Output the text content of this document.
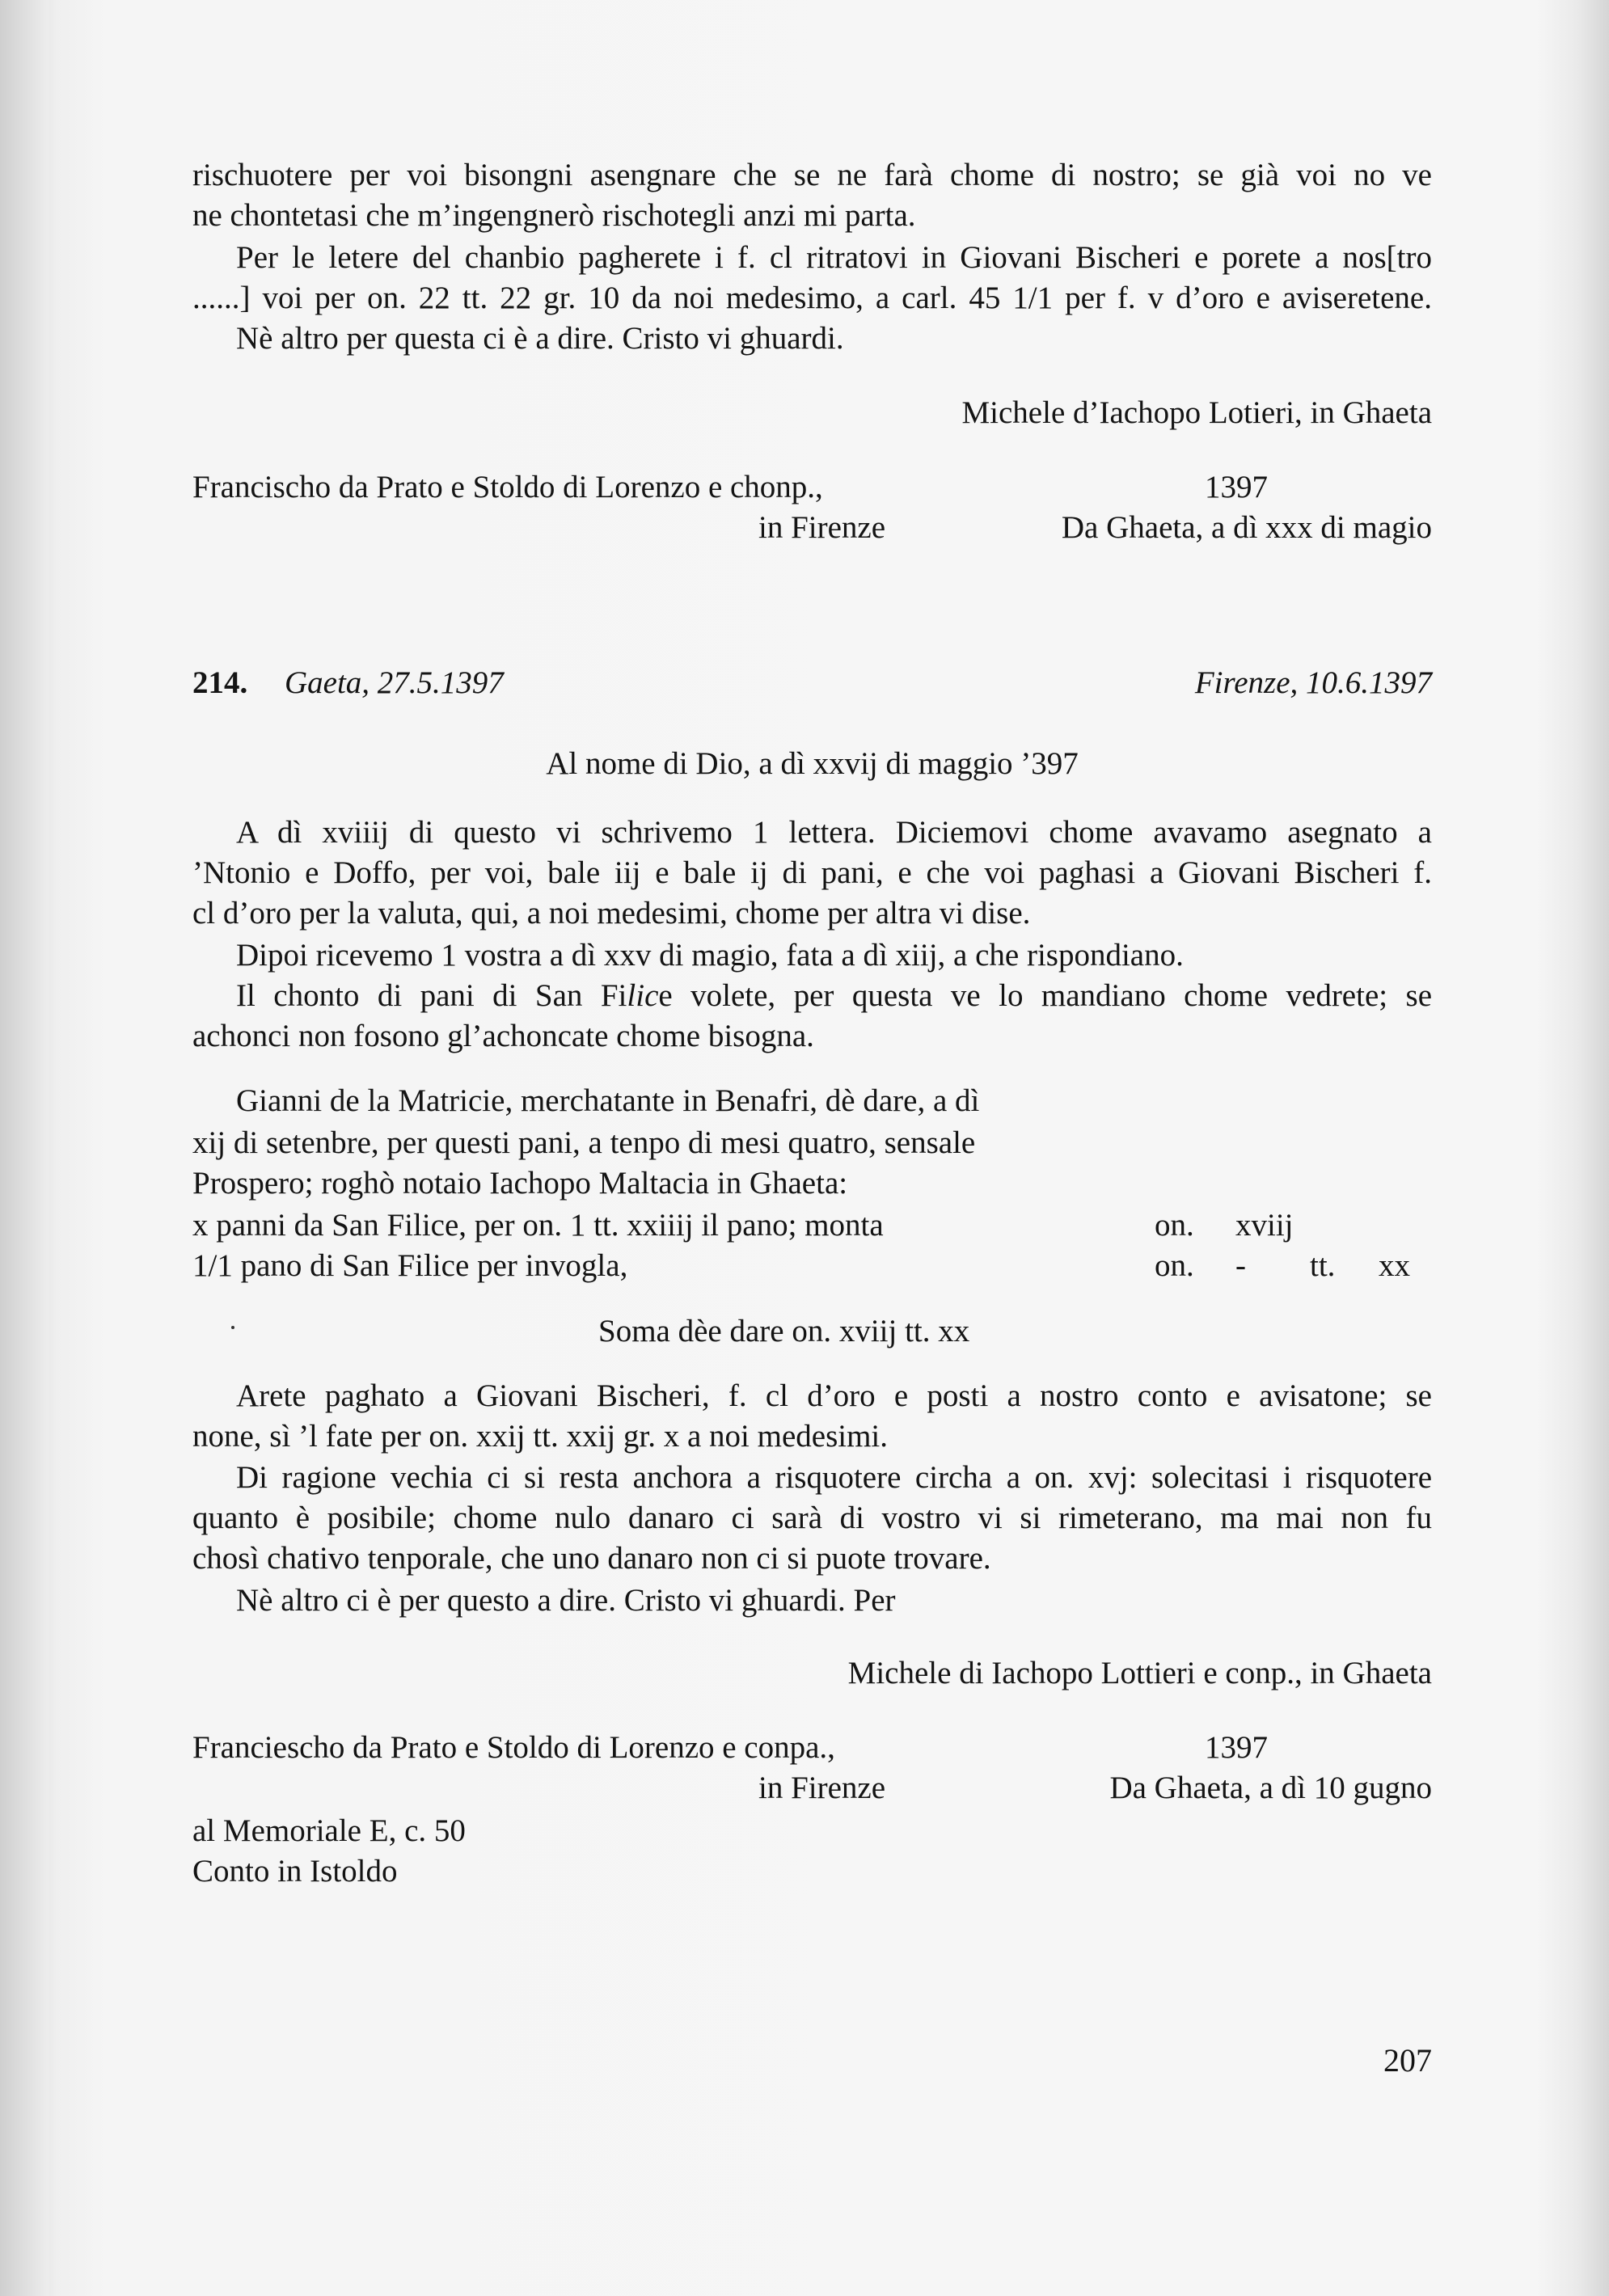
rischuotere per voi bisongni asengnare che se ne farà chome di nostro; se già voi no ve
ne chontetasi che m’ingengnerò rischotegli anzi mi parta.
Per le letere del chanbio pagherete i f. cl ritratovi in Giovani Bischeri e porete a nos[tro
......] voi per on. 22 tt. 22 gr. 10 da noi medesimo, a carl. 45 1/1 per f. v d’oro e aviseretene.
Nè altro per questa ci è a dire. Cristo vi ghuardi.
Michele d’Iachopo Lotieri, in Ghaeta
Francischo da Prato e Stoldo di Lorenzo e chonp.,	1397
in Firenze	Da Ghaeta, a dì xxx di magio
214. Gaeta, 27.5.1397	Firenze, 10.6.1397
Al nome di Dio, a dì xxvij di maggio ’397
A dì xviiij di questo vi schrivemo 1 lettera. Diciemovi chome avavamo asegnato a
’Ntonio e Doffo, per voi, bale iij e bale ij di pani, e che voi paghasi a Giovani Bischeri f.
cl d’oro per la valuta, qui, a noi medesimi, chome per altra vi dise.
Dipoi ricevemo 1 vostra a dì xxv di magio, fata a dì xiij, a che rispondiano.
Il chonto di pani di San Filice volete, per questa ve lo mandiano chome vedrete; se
achonci non fosono gl’achoncate chome bisogna.
Gianni de la Matricie, merchatante in Benafri, dè dare, a dì
xij di setenbre, per questi pani, a tenpo di mesi quatro, sensale
Prospero; roghò notaio Iachopo Maltacia in Ghaeta:
x panni da San Filice, per on. 1 tt. xxiiij il pano; monta	on. xviij
1/1 pano di San Filice per invogla,	on. - tt. xx
Soma dèe dare on. xviij tt. xx
Arete paghato a Giovani Bischeri, f. cl d’oro e posti a nostro conto e avisatone; se
none, sì ’l fate per on. xxij tt. xxij gr. x a noi medesimi.
Di ragione vechia ci si resta anchora a risquotere circha a on. xvj: solecitasi i risquotere
quanto è posibile; chome nulo danaro ci sarà di vostro vi si rimeterano, ma mai non fu
chosì chativo tenporale, che uno danaro non ci si puote trovare.
Nè altro ci è per questo a dire. Cristo vi ghuardi. Per
Michele di Iachopo Lottieri e conp., in Ghaeta
Franciescho da Prato e Stoldo di Lorenzo e conpa.,	1397
in Firenze	Da Ghaeta, a dì 10 gugno
al Memoriale E, c. 50
Conto in Istoldo
207
